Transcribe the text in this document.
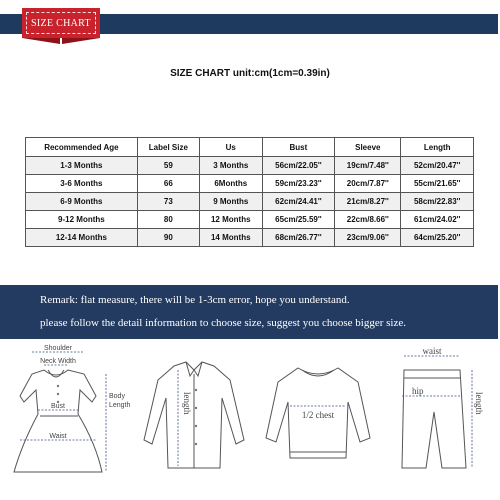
SIZE CHART
SIZE CHART unit:cm(1cm=0.39in)
Recommended Age	Label Size	Us	Bust	Sleeve	Length
1-3 Months	59	3 Months	56cm/22.05''	19cm/7.48''	52cm/20.47''
3-6 Months	66	6Months	59cm/23.23''	20cm/7.87''	55cm/21.65''
6-9 Months	73	9 Months	62cm/24.41''	21cm/8.27''	58cm/22.83''
9-12 Months	80	12 Months	65cm/25.59''	22cm/8.66''	61cm/24.02''
12-14 Months	90	14 Months	68cm/26.77''	23cm/9.06''	64cm/25.20''
Remark: flat measure, there will be 1-3cm error, hope you understand.
please follow the detail information to choose size, suggest you choose bigger size.
Shoulder
Neck Width
Bust
Waist
Body
Length	length
1/2 chest
waist
hip
length
